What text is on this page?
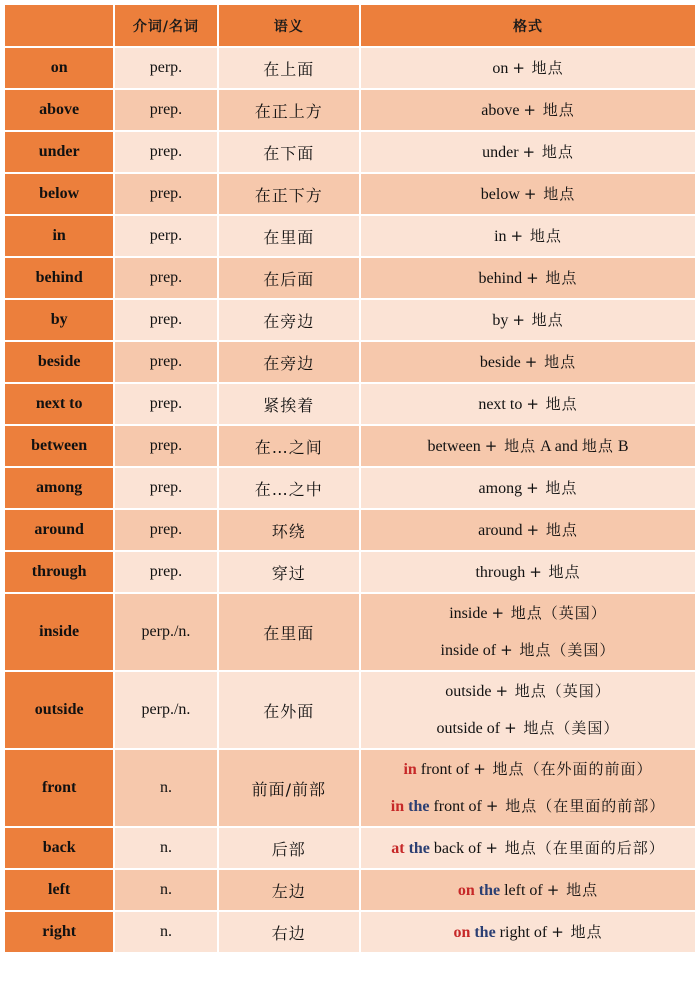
	介词/名词	语义	格式
on	perp.	在上面	on + 地点

above	prep.	在正上方	above + 地点

under	prep.	在下面	under + 地点

below	prep.	在正下方	below + 地点

in	perp.	在里面	in + 地点

behind	prep.	在后面	behind + 地点

by	prep.	在旁边	by + 地点

beside	prep.	在旁边	beside + 地点

next to	prep.	紧挨着	next to + 地点

between	prep.	在…之间	between + 地点 A and 地点 B

among	prep.	在…之中	among + 地点

around	prep.	环绕	around + 地点

through	prep.	穿过	through + 地点

inside	perp./n.	在里面	inside + 地点（英国）
inside of + 地点（美国）

outside	perp./n.	在外面	outside + 地点（英国）
outside of + 地点（美国）

front	n.	前面/前部	in front of + 地点（在外面的前面）
in the front of + 地点（在里面的前部）

back	n.	后部	at the back of + 地点（在里面的后部）

left	n.	左边	on the left of + 地点

right	n.	右边	on the right of + 地点
